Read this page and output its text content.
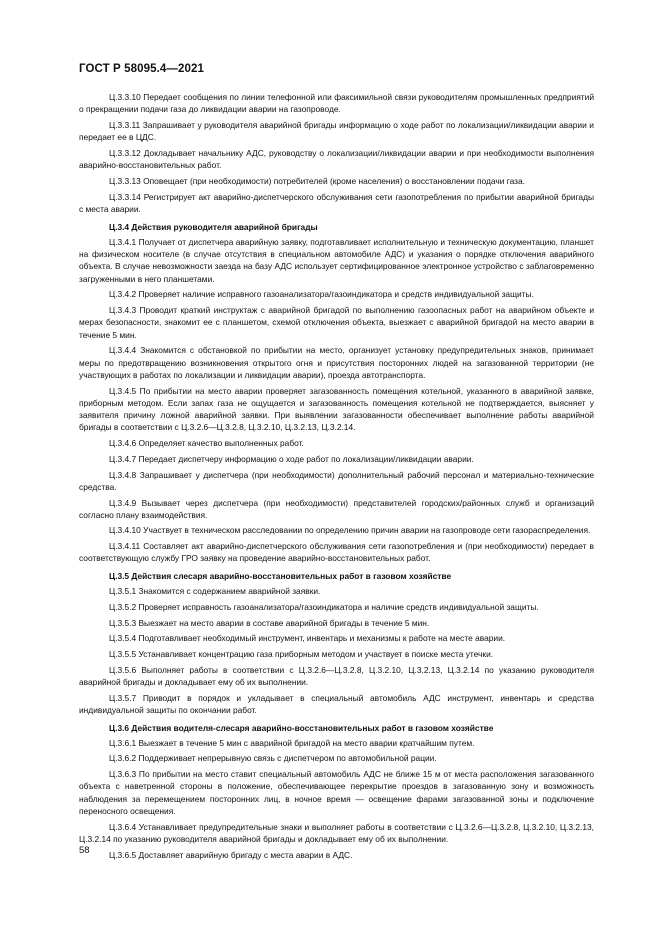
ГОСТ Р 58095.4—2021

Ц.3.3.10 Передает сообщения по линии телефонной или факсимильной связи руководителям промышленных предприятий о прекращении подачи газа до ликвидации аварии на газопроводе.

Ц.3.3.11 Запрашивает у руководителя аварийной бригады информацию о ходе работ по локализации/ликвидации аварии и передает ее в ЦДС.

Ц.3.3.12 Докладывает начальнику АДС, руководству о локализации/ликвидации аварии и при необходимости выполнения аварийно-восстановительных работ.

Ц.3.3.13 Оповещает (при необходимости) потребителей (кроме населения) о восстановлении подачи газа.

Ц.3.3.14 Регистрирует акт аварийно-диспетчерского обслуживания сети газопотребления по прибытии аварийной бригады с места аварии.

Ц.3.4 Действия руководителя аварийной бригады

Ц.3.4.1 Получает от диспетчера аварийную заявку, подготавливает исполнительную и техническую документацию, планшет на физическом носителе (в случае отсутствия в специальном автомобиле АДС) и указания о порядке отключения аварийного объекта. В случае невозможности заезда на базу АДС использует сертифицированное электронное устройство с заблаговременно загруженными в него планшетами.

Ц.3.4.2 Проверяет наличие исправного газоанализатора/газоиндикатора и средств индивидуальной защиты.

Ц.3.4.3 Проводит краткий инструктаж с аварийной бригадой по выполнению газоопасных работ на аварийном объекте и мерах безопасности, знакомит ее с планшетом, схемой отключения объекта, выезжает с аварийной бригадой на место аварии в течение 5 мин.

Ц.3.4.4 Знакомится с обстановкой по прибытии на место, организует установку предупредительных знаков, принимает меры по предотвращению возникновения открытого огня и присутствия посторонних людей на загазованной территории (не участвующих в работах по локализации и ликвидации аварии), проезда автотранспорта.

Ц.3.4.5 По прибытии на место аварии проверяет загазованность помещения котельной, указанного в аварийной заявке, приборным методом. Если запах газа не ощущается и загазованность помещения котельной не подтверждается, выясняет у заявителя причину ложной аварийной заявки. При выявлении загазованности обеспечивает выполнение работы аварийной бригады в соответствии с Ц.3.2.6—Ц.3.2.8, Ц.3.2.10, Ц.3.2.13, Ц.3.2.14.

Ц.3.4.6 Определяет качество выполненных работ.

Ц.3.4.7 Передает диспетчеру информацию о ходе работ по локализации/ликвидации аварии.

Ц.3.4.8 Запрашивает у диспетчера (при необходимости) дополнительный рабочий персонал и материально-технические средства.

Ц.3.4.9 Вызывает через диспетчера (при необходимости) представителей городских/районных служб и организаций согласно плану взаимодействия.

Ц.3.4.10 Участвует в техническом расследовании по определению причин аварии на газопроводе сети газораспределения.

Ц.3.4.11 Составляет акт аварийно-диспетчерского обслуживания сети газопотребления и (при необходимости) передает в соответствующую службу ГРО заявку на проведение аварийно-восстановительных работ.

Ц.3.5 Действия слесаря аварийно-восстановительных работ в газовом хозяйстве

Ц.3.5.1 Знакомится с содержанием аварийной заявки.

Ц.3.5.2 Проверяет исправность газоанализатора/газоиндикатора и наличие средств индивидуальной защиты.

Ц.3.5.3 Выезжает на место аварии в составе аварийной бригады в течение 5 мин.

Ц.3.5.4 Подготавливает необходимый инструмент, инвентарь и механизмы к работе на месте аварии.

Ц.3.5.5 Устанавливает концентрацию газа приборным методом и участвует в поиске места утечки.

Ц.3.5.6 Выполняет работы в соответствии с Ц.3.2.6—Ц.3.2.8, Ц.3.2.10, Ц.3.2.13, Ц.3.2.14 по указанию руководителя аварийной бригады и докладывает ему об их выполнении.

Ц.3.5.7 Приводит в порядок и укладывает в специальный автомобиль АДС инструмент, инвентарь и средства индивидуальной защиты по окончании работ.

Ц.3.6 Действия водителя-слесаря аварийно-восстановительных работ в газовом хозяйстве

Ц.3.6.1 Выезжает в течение 5 мин с аварийной бригадой на место аварии кратчайшим путем.

Ц.3.6.2 Поддерживает непрерывную связь с диспетчером по автомобильной рации.

Ц.3.6.3 По прибытии на место ставит специальный автомобиль АДС не ближе 15 м от места расположения загазованного объекта с наветренной стороны в положение, обеспечивающее перекрытие проездов в загазованную зону и возможность наблюдения за перемещением посторонних лиц, в ночное время — освещение фарами загазованной зоны и подключение переносного освещения.

Ц.3.6.4 Устанавливает предупредительные знаки и выполняет работы в соответствии с Ц.3.2.6—Ц.3.2.8, Ц.3.2.10, Ц.3.2.13, Ц.3.2.14 по указанию руководителя аварийной бригады и докладывает ему об их выполнении.

Ц.3.6.5 Доставляет аварийную бригаду с места аварии в АДС.

58
